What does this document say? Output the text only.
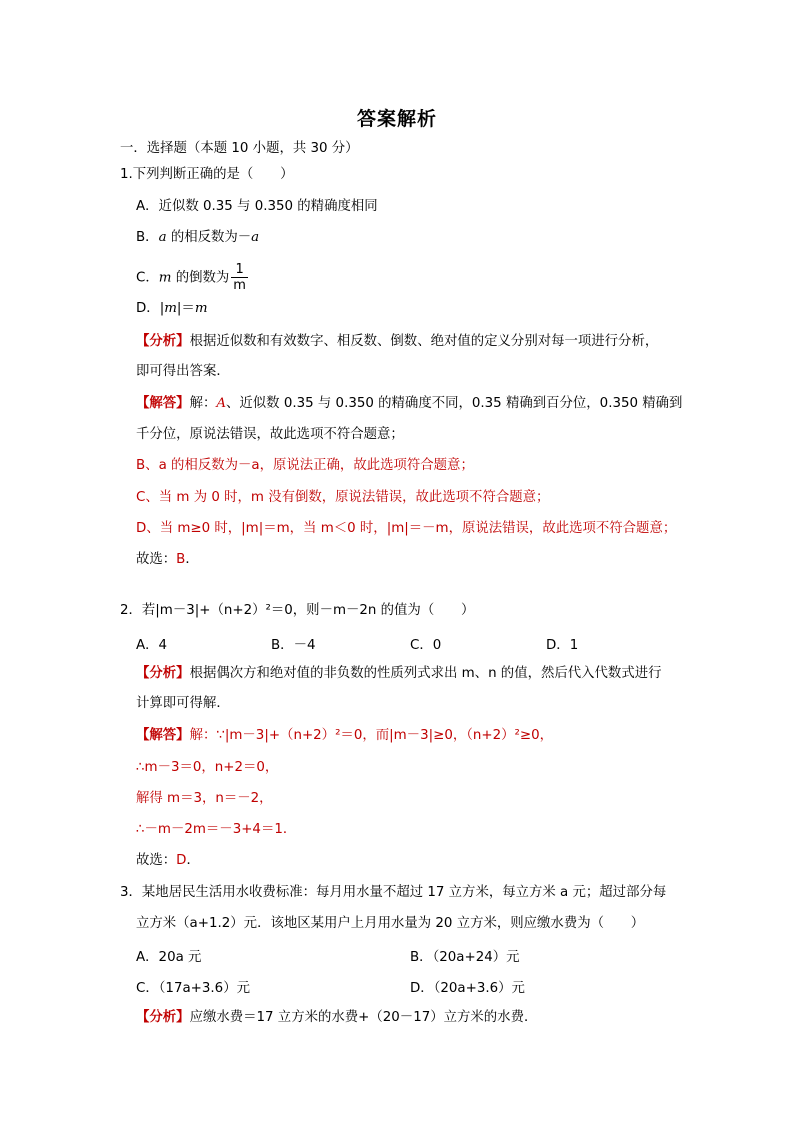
答案解析
一．选择题（本题 10 小题，共 30 分）
1.下列判断正确的是（　　）
A．近似数 0.35 与 0.350 的精确度相同
B．a 的相反数为－a
C．m 的倒数为 $\frac{1}{m}$
D．|m|＝m
【分析】根据近似数和有效数字、相反数、倒数、绝对值的定义分别对每一项进行分析，
即可得出答案．
【解答】解：A、近似数 0.35 与 0.350 的精确度不同，0.35 精确到百分位，0.350 精确到
千分位，原说法错误，故此选项不符合题意；
B、a 的相反数为－a，原说法正确，故此选项符合题意；
C、当 m 为 0 时，m 没有倒数，原说法错误，故此选项不符合题意；
D、当 m≥0 时，|m|＝m，当 m＜0 时，|m|＝－m，原说法错误，故此选项不符合题意；
故选：B．
2．若|m－3|+（n+2）²＝0，则－m－2n 的值为（　　）
A．4	B．－4	C．0	D．1
【分析】根据偶次方和绝对值的非负数的性质列式求出 m、n 的值，然后代入代数式进行
计算即可得解．
【解答】解：∵|m－3|+（n+2）²＝0，而|m－3|≥0，（n+2）²≥0，
∴m－3＝0，n+2＝0，
解得 m＝3，n＝－2，
∴－m－2m＝－3+4＝1．
故选：D．
3．某地居民生活用水收费标准：每月用水量不超过 17 立方米，每立方米 a 元；超过部分每
立方米（a+1.2）元．该地区某用户上月用水量为 20 立方米，则应缴水费为（　　）
A．20a 元	B．（20a+24）元
C．（17a+3.6）元	D．（20a+3.6）元
【分析】应缴水费＝17 立方米的水费+（20－17）立方米的水费．
